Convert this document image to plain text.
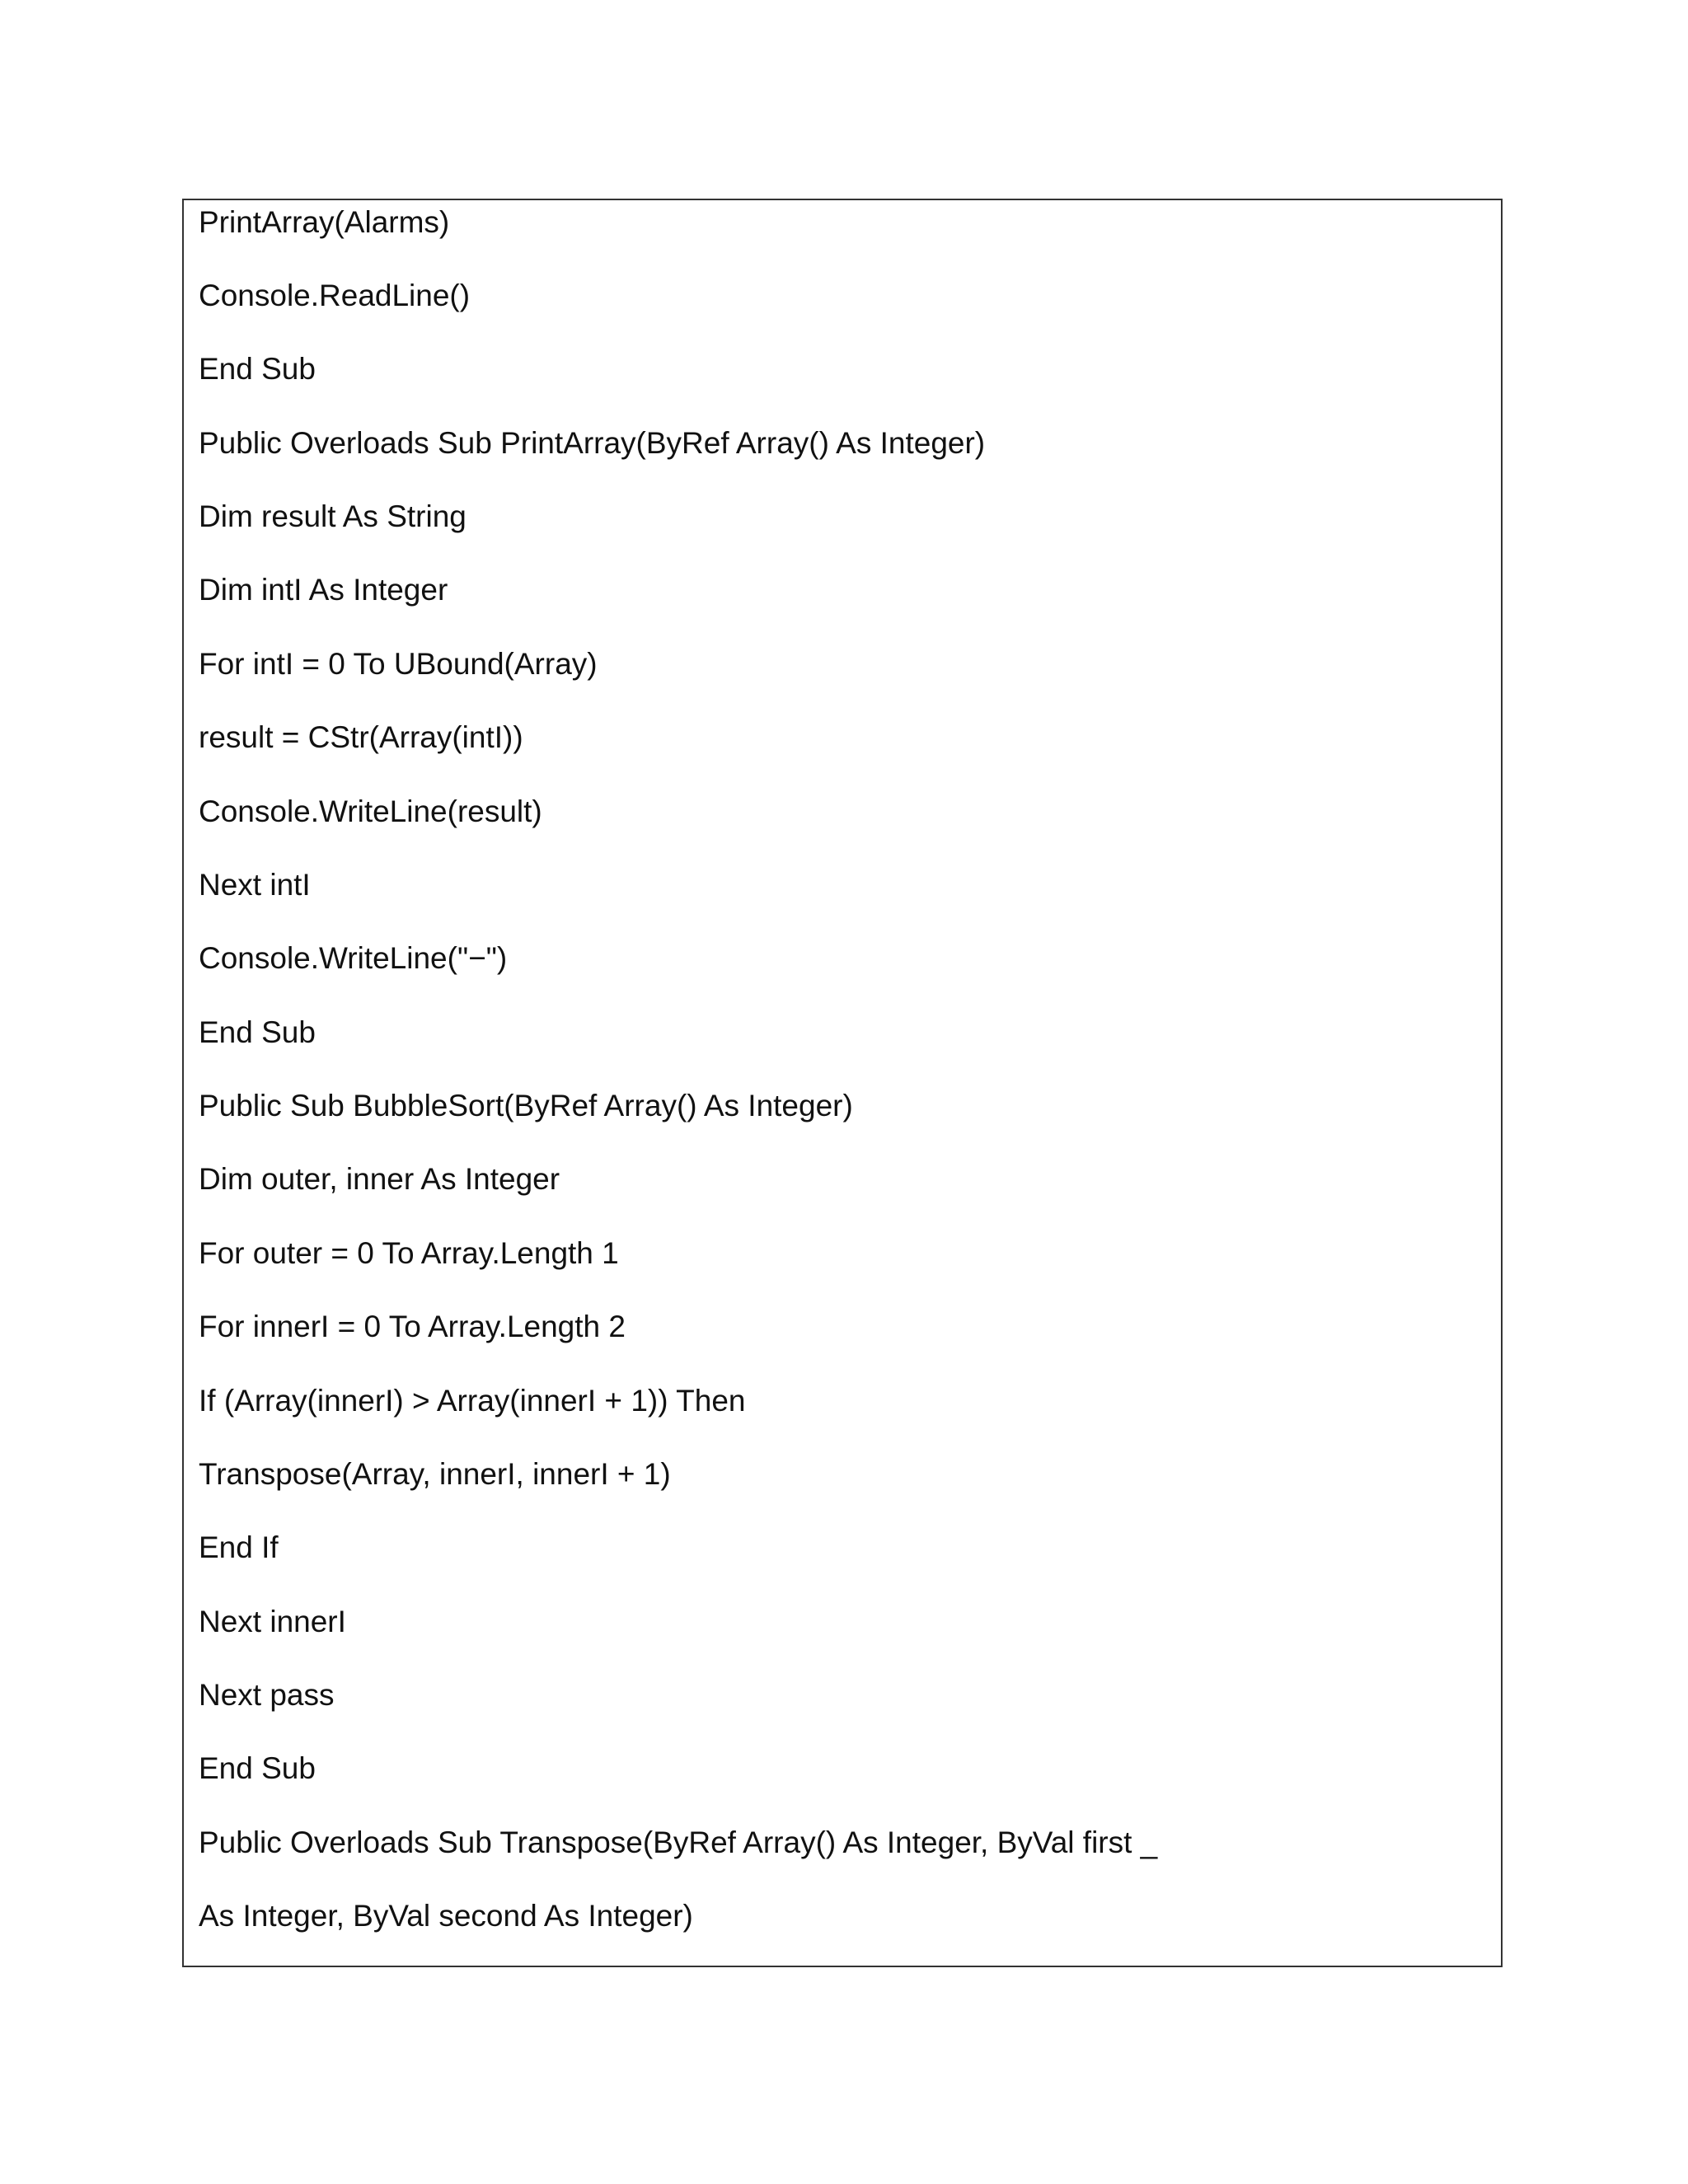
PrintArray(Alarms)
Console.ReadLine()
End Sub
Public Overloads Sub PrintArray(ByRef Array() As Integer)
Dim result As String
Dim intI As Integer
For intI = 0 To UBound(Array)
result = CStr(Array(intI))
Console.WriteLine(result)
Next intI
Console.WriteLine("−")
End Sub
Public Sub BubbleSort(ByRef Array() As Integer)
Dim outer, inner As Integer
For outer = 0 To Array.Length 1
For innerI = 0 To Array.Length 2
If (Array(innerI) > Array(innerI + 1)) Then
Transpose(Array, innerI, innerI + 1)
End If
Next innerI
Next pass
End Sub
Public Overloads Sub Transpose(ByRef Array() As Integer, ByVal first _
As Integer, ByVal second As Integer)
